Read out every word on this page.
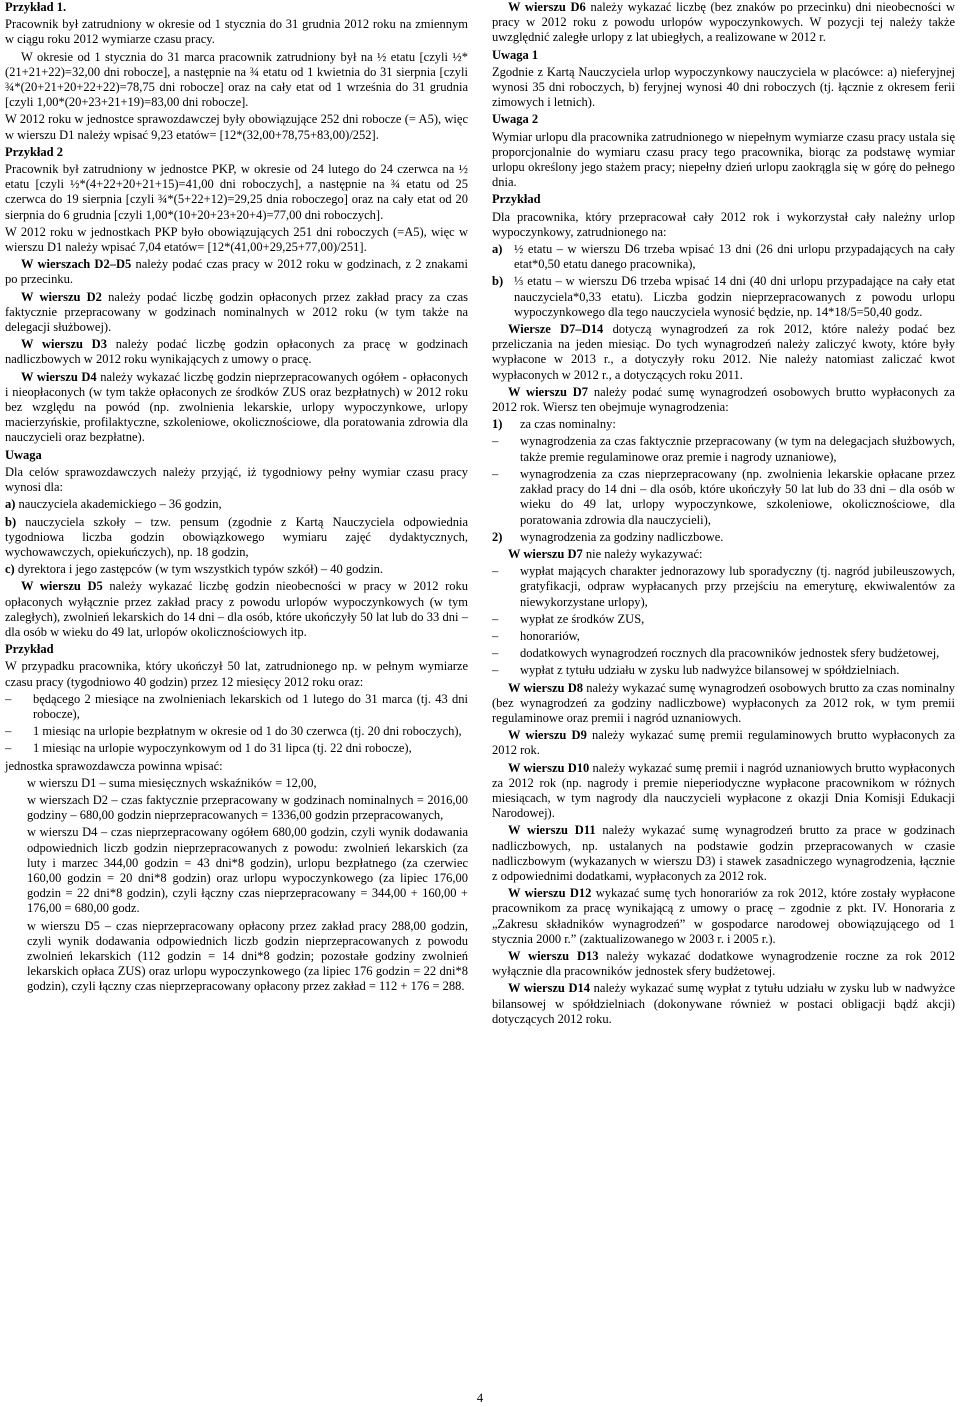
Przykład 1.

Pracownik był zatrudniony w okresie od 1 stycznia do 31 grudnia 2012 roku na zmiennym w ciągu roku 2012 wymiarze czasu pracy.

W okresie od 1 stycznia do 31 marca pracownik zatrudniony był na ½ etatu [czyli ½*(21+21+22)=32,00 dni robocze], a następnie na ¾ etatu od 1 kwietnia do 31 sierpnia [czyli ¾*(20+21+20+22+22)=78,75 dni robocze] oraz na cały etat od 1 września do 31 grudnia [czyli 1,00*(20+23+21+19)=83,00 dni robocze].

W 2012 roku w jednostce sprawozdawczej były obowiązujące 252 dni robocze (= A5), więc w wierszu D1 należy wpisać 9,23 etatów= [12*(32,00+78,75+83,00)/252].

Przykład 2

Pracownik był zatrudniony w jednostce PKP, w okresie od 24 lutego do 24 czerwca na ½ etatu [czyli ½*(4+22+20+21+15)=41,00 dni roboczych], a następnie na ¾ etatu od 25 czerwca do 19 sierpnia [czyli ¾*(5+22+12)=29,25 dnia roboczego] oraz na cały etat od 20 sierpnia do 6 grudnia [czyli 1,00*(10+20+23+20+4)=77,00 dni roboczych].

W 2012 roku w jednostkach PKP było obowiązujących 251 dni roboczych (=A5), więc w wierszu D1 należy wpisać 7,04 etatów= [12*(41,00+29,25+77,00)/251].

W wierszach D2–D5 należy podać czas pracy w 2012 roku w godzinach, z 2 znakami po przecinku.

W wierszu D2 należy podać liczbę godzin opłaconych przez zakład pracy za czas faktycznie przepracowany w godzinach nominalnych w 2012 roku (w tym także na delegacji służbowej).

W wierszu D3 należy podać liczbę godzin opłaconych za pracę w godzinach nadliczbowych w 2012 roku wynikających z umowy o pracę.

W wierszu D4 należy wykazać liczbę godzin nieprzepracowanych ogółem - opłaconych i nieopłaconych (w tym także opłaconych ze środków ZUS oraz bezpłatnych) w 2012 roku bez względu na powód (np. zwolnienia lekarskie, urlopy wypoczynkowe, urlopy macierzyńskie, profilaktyczne, szkoleniowe, okolicznościowe, dla poratowania zdrowia dla nauczycieli oraz bezpłatne).

Uwaga

Dla celów sprawozdawczych należy przyjąć, iż tygodniowy pełny wymiar czasu pracy wynosi dla:

a) nauczyciela akademickiego – 36 godzin,

b) nauczyciela szkoły – tzw. pensum (zgodnie z Kartą Nauczyciela odpowiednia tygodniowa liczba godzin obowiązkowego wymiaru zajęć dydaktycznych, wychowawczych, opiekuńczych), np. 18 godzin,

c) dyrektora i jego zastępców (w tym wszystkich typów szkół) – 40 godzin.

W wierszu D5 należy wykazać liczbę godzin nieobecności w pracy w 2012 roku opłaconych wyłącznie przez zakład pracy z powodu urlopów wypoczynkowych (w tym zaległych), zwolnień lekarskich do 14 dni – dla osób, które ukończyły 50 lat lub do 33 dni – dla osób w wieku do 49 lat, urlopów okolicznościowych itp.

Przykład

W przypadku pracownika, który ukończył 50 lat, zatrudnionego np. w pełnym wymiarze czasu pracy (tygodniowo 40 godzin) przez 12 miesięcy 2012 roku oraz:

– będącego 2 miesiące na zwolnieniach lekarskich od 1 lutego do 31 marca (tj. 43 dni robocze),

– 1 miesiąc na urlopie bezpłatnym w okresie od 1 do 30 czerwca (tj. 20 dni roboczych),

– 1 miesiąc na urlopie wypoczynkowym od 1 do 31 lipca (tj. 22 dni robocze),

jednostka sprawozdawcza powinna wpisać:

w wierszu D1 – suma miesięcznych wskaźników = 12,00,

w wierszach D2 – czas faktycznie przepracowany w godzinach nominalnych = 2016,00 godziny – 680,00 godzin nieprzepracowanych = 1336,00 godzin przepracowanych,

w wierszu D4 – czas nieprzepracowany ogółem 680,00 godzin, czyli wynik dodawania odpowiednich liczb godzin nieprzepracowanych z powodu: zwolnień lekarskich (za luty i marzec 344,00 godzin = 43 dni*8 godzin), urlopu bezpłatnego (za czerwiec 160,00 godzin = 20 dni*8 godzin) oraz urlopu wypoczynkowego (za lipiec 176,00 godzin = 22 dni*8 godzin), czyli łączny czas nieprzepracowany = 344,00 + 160,00 + 176,00 = 680,00 godz.

w wierszu D5 – czas nieprzepracowany opłacony przez zakład pracy 288,00 godzin, czyli wynik dodawania odpowiednich liczb godzin nieprzepracowanych z powodu zwolnień lekarskich (112 godzin = 14 dni*8 godzin; pozostałe godziny zwolnień lekarskich opłaca ZUS) oraz urlopu wypoczynkowego (za lipiec 176 godzin = 22 dni*8 godzin), czyli łączny czas nieprzepracowany opłacony przez zakład = 112 + 176 = 288.

W wierszu D6 należy wykazać liczbę (bez znaków po przecinku) dni nieobecności w pracy w 2012 roku z powodu urlopów wypoczynkowych. W pozycji tej należy także uwzględnić zaległe urlopy z lat ubiegłych, a realizowane w 2012 r.

Uwaga 1

Zgodnie z Kartą Nauczyciela urlop wypoczynkowy nauczyciela w placówce: a) nieferyjnej wynosi 35 dni roboczych, b) feryjnej wynosi 40 dni roboczych (tj. łącznie z okresem ferii zimowych i letnich).

Uwaga 2

Wymiar urlopu dla pracownika zatrudnionego w niepełnym wymiarze czasu pracy ustala się proporcjonalnie do wymiaru czasu pracy tego pracownika, biorąc za podstawę wymiar urlopu określony jego stażem pracy; niepełny dzień urlopu zaokrągla się w górę do pełnego dnia.

Przykład

Dla pracownika, który przepracował cały 2012 rok i wykorzystał cały należny urlop wypoczynkowy, zatrudnionego na:

a) ½ etatu – w wierszu D6 trzeba wpisać 13 dni (26 dni urlopu przypadających na cały etat*0,50 etatu danego pracownika),

b) ⅓ etatu – w wierszu D6 trzeba wpisać 14 dni (40 dni urlopu przypadające na cały etat nauczyciela*0,33 etatu). Liczba godzin nieprzepracowanych z powodu urlopu wypoczynkowego dla tego nauczyciela wynosić będzie, np. 14*18/5=50,40 godz.

Wiersze D7–D14 dotyczą wynagrodzeń za rok 2012, które należy podać bez przeliczania na jeden miesiąc. Do tych wynagrodzeń należy zaliczyć kwoty, które były wypłacone w 2013 r., a dotyczyły roku 2012. Nie należy natomiast zaliczać kwot wypłaconych w 2012 r., a dotyczących roku 2011.

W wierszu D7 należy podać sumę wynagrodzeń osobowych brutto wypłaconych za 2012 rok. Wiersz ten obejmuje wynagrodzenia:

1) za czas nominalny:

– wynagrodzenia za czas faktycznie przepracowany (w tym na delegacjach służbowych, także premie regulaminowe oraz premie i nagrody uznaniowe),

– wynagrodzenia za czas nieprzepracowany (np. zwolnienia lekarskie opłacane przez zakład pracy do 14 dni – dla osób, które ukończyły 50 lat lub do 33 dni – dla osób w wieku do 49 lat, urlopy wypoczynkowe, szkoleniowe, okolicznościowe, dla poratowania zdrowia dla nauczycieli),

2) wynagrodzenia za godziny nadliczbowe.

W wierszu D7 nie należy wykazywać:

– wypłat mających charakter jednorazowy lub sporadyczny (tj. nagród jubileuszowych, gratyfikacji, odpraw wypłacanych przy przejściu na emeryturę, ekwiwalentów za niewykorzystane urlopy),

– wypłat ze środków ZUS,

– honorariów,

– dodatkowych wynagrodzeń rocznych dla pracowników jednostek sfery budżetowej,

– wypłat z tytułu udziału w zysku lub nadwyżce bilansowej w spółdzielniach.

W wierszu D8 należy wykazać sumę wynagrodzeń osobowych brutto za czas nominalny (bez wynagrodzeń za godziny nadliczbowe) wypłaconych za 2012 rok, w tym premii regulaminowe oraz premii i nagród uznaniowych.

W wierszu D9 należy wykazać sumę premii regulaminowych brutto wypłaconych za 2012 rok.

W wierszu D10 należy wykazać sumę premii i nagród uznaniowych brutto wypłaconych za 2012 rok (np. nagrody i premie nieperiodyczne wypłacone pracownikom w różnych miesiącach, w tym nagrody dla nauczycieli wypłacone z okazji Dnia Komisji Edukacji Narodowej).

W wierszu D11 należy wykazać sumę wynagrodzeń brutto za prace w godzinach nadliczbowych, np. ustalanych na podstawie godzin przepracowanych w czasie nadliczbowym (wykazanych w wierszu D3) i stawek zasadniczego wynagrodzenia, łącznie z odpowiednimi dodatkami, wypłaconych za 2012 rok.

W wierszu D12 wykazać sumę tych honorariów za rok 2012, które zostały wypłacone pracownikom za pracę wynikającą z umowy o pracę – zgodnie z pkt. IV. Honoraria z „Zakresu składników wynagrodzeń” w gospodarce narodowej obowiązującego od 1 stycznia 2000 r.” (zaktualizowanego w 2003 r. i 2005 r.).

W wierszu D13 należy wykazać dodatkowe wynagrodzenie roczne za rok 2012 wyłącznie dla pracowników jednostek sfery budżetowej.

W wierszu D14 należy wykazać sumę wypłat z tytułu udziału w zysku lub w nadwyżce bilansowej w spółdzielniach (dokonywane również w postaci obligacji bądź akcji) dotyczących 2012 roku.

4
